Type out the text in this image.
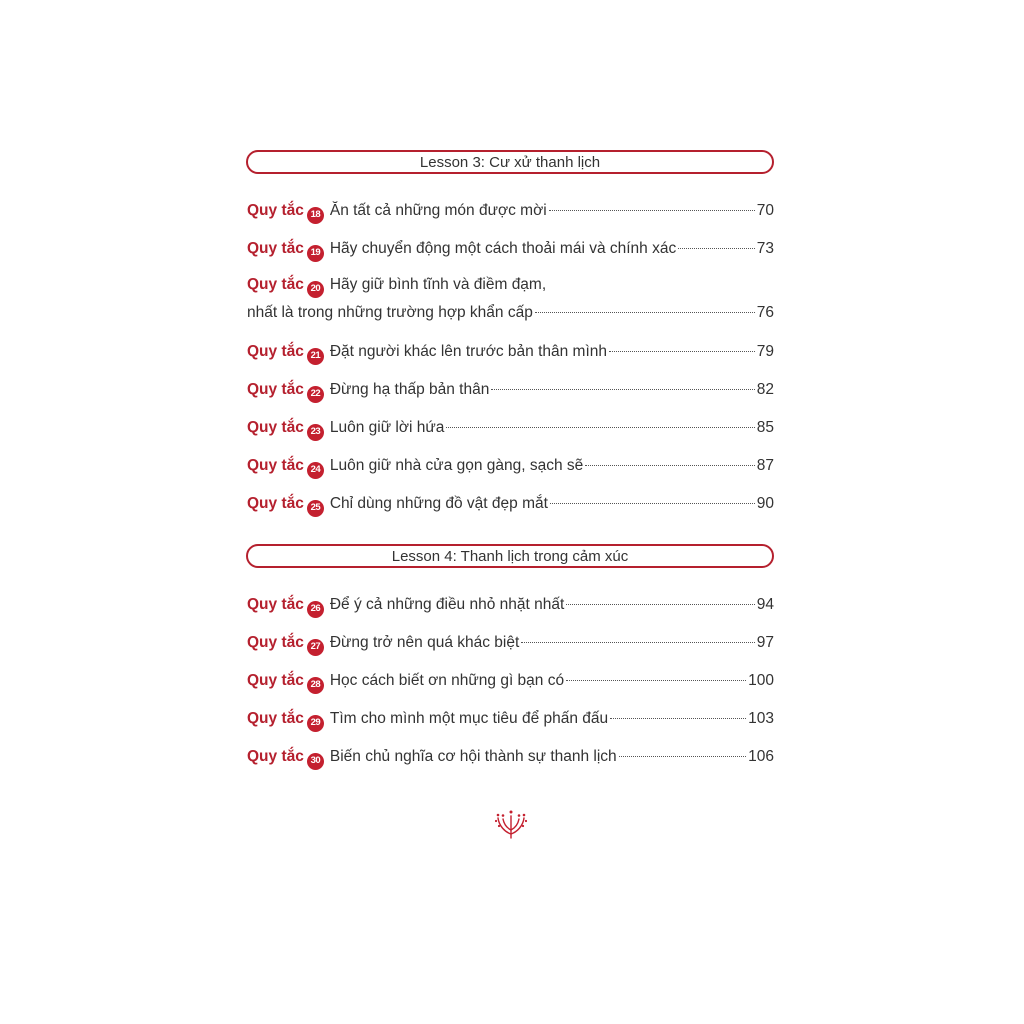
Lesson 3: Cư xử thanh lịch
Quy tắc 18 Ăn tất cả những món được mời	70
Quy tắc 19 Hãy chuyển động một cách thoải mái và chính xác	73
Quy tắc 20 Hãy giữ bình tĩnh và điềm đạm,
nhất là trong những trường hợp khẩn cấp	76
Quy tắc 21 Đặt người khác lên trước bản thân mình	79
Quy tắc 22 Đừng hạ thấp bản thân	82
Quy tắc 23 Luôn giữ lời hứa	85
Quy tắc 24 Luôn giữ nhà cửa gọn gàng, sạch sẽ	87
Quy tắc 25 Chỉ dùng những đồ vật đẹp mắt	90
Lesson 4: Thanh lịch trong cảm xúc
Quy tắc 26 Để ý cả những điều nhỏ nhặt nhất	94
Quy tắc 27 Đừng trở nên quá khác biệt	97
Quy tắc 28 Học cách biết ơn những gì bạn có	100
Quy tắc 29 Tìm cho mình một mục tiêu để phấn đấu	103
Quy tắc 30 Biến chủ nghĩa cơ hội thành sự thanh lịch	106
